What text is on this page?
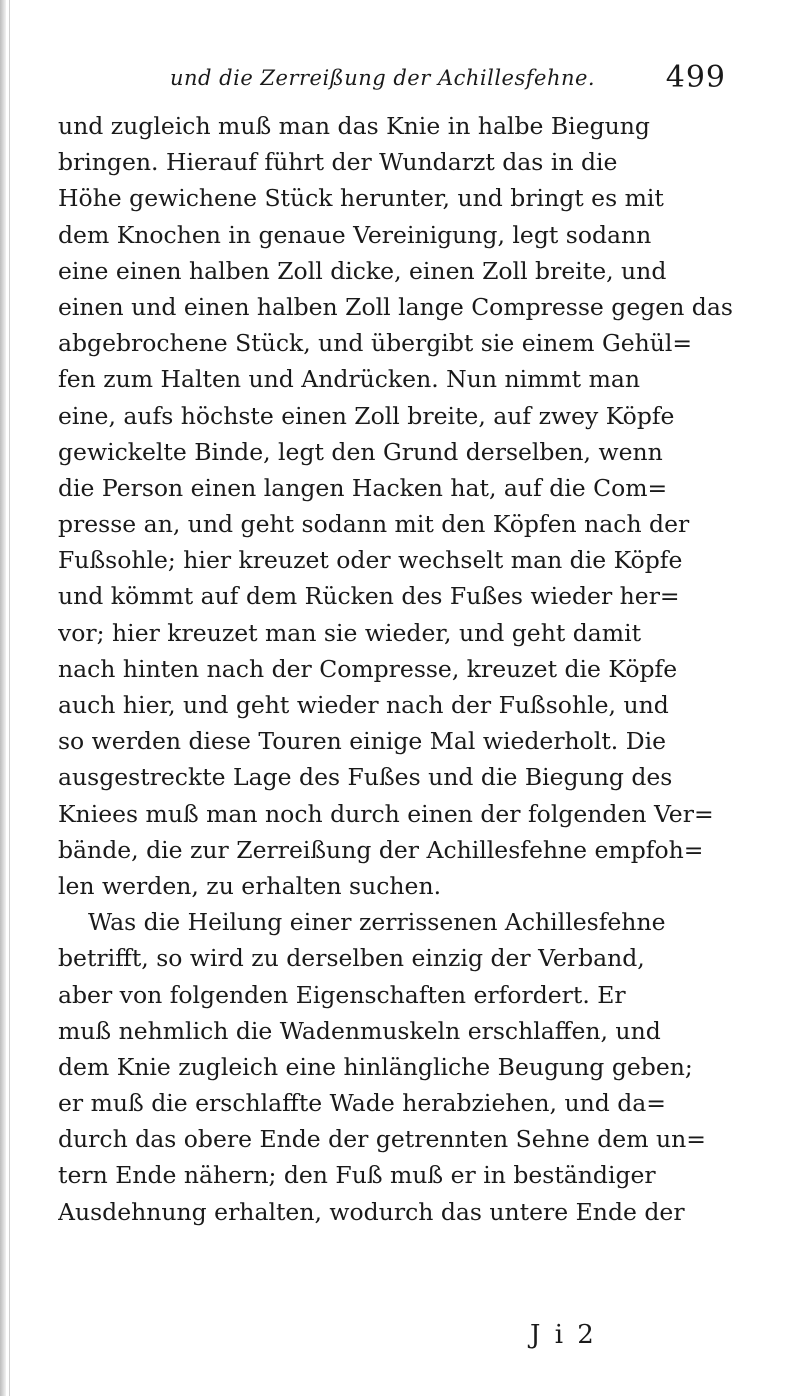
und die Zerreißung der Achillesfehne. 499
und zugleich muß man das Knie in halbe Biegung
bringen. Hierauf führt der Wundarzt das in die
Höhe gewichene Stück herunter, und bringt es mit
dem Knochen in genaue Vereinigung, legt sodann
eine einen halben Zoll dicke, einen Zoll breite, und
einen und einen halben Zoll lange Compresse gegen das
abgebrochene Stück, und übergibt sie einem Gehül=
fen zum Halten und Andrücken. Nun nimmt man
eine, aufs höchste einen Zoll breite, auf zwey Köpfe
gewickelte Binde, legt den Grund derselben, wenn
die Person einen langen Hacken hat, auf die Com=
presse an, und geht sodann mit den Köpfen nach der
Fußsohle; hier kreuzet oder wechselt man die Köpfe
und kömmt auf dem Rücken des Fußes wieder her=
vor; hier kreuzet man sie wieder, und geht damit
nach hinten nach der Compresse, kreuzet die Köpfe
auch hier, und geht wieder nach der Fußsohle, und
so werden diese Touren einige Mal wiederholt. Die
ausgestreckte Lage des Fußes und die Biegung des
Kniees muß man noch durch einen der folgenden Ver=
bände, die zur Zerreißung der Achillesfehne empfoh=
len werden, zu erhalten suchen.
Was die Heilung einer zerrissenen Achillesfehne
betrifft, so wird zu derselben einzig der Verband,
aber von folgenden Eigenschaften erfordert. Er
muß nehmlich die Wadenmuskeln erschlaffen, und
dem Knie zugleich eine hinlängliche Beugung geben;
er muß die erschlaffte Wade herabziehen, und da=
durch das obere Ende der getrennten Sehne dem un=
tern Ende nähern; den Fuß muß er in beständiger
Ausdehnung erhalten, wodurch das untere Ende der
J i 2
